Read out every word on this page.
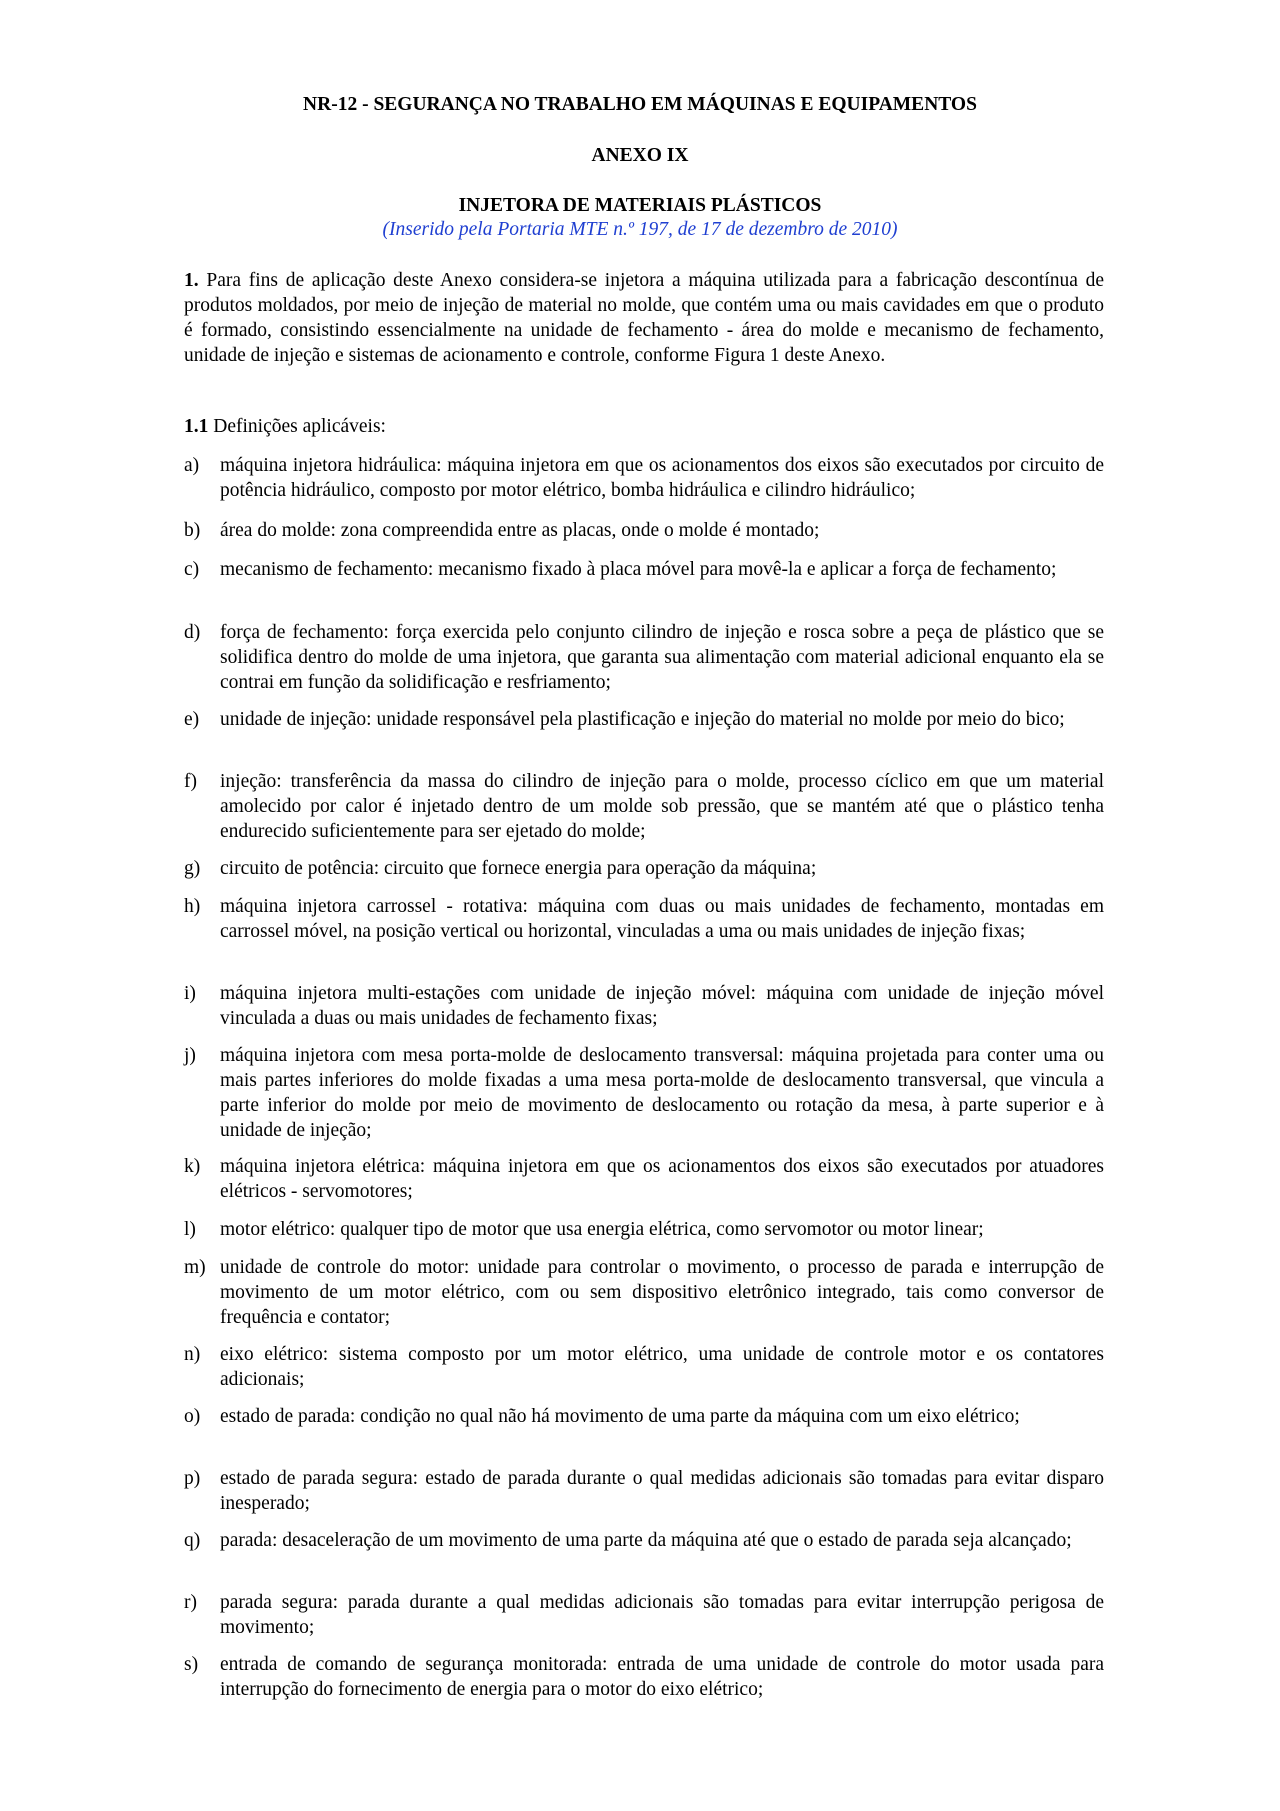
NR-12 - SEGURANÇA NO TRABALHO EM MÁQUINAS E EQUIPAMENTOS
ANEXO IX
INJETORA DE MATERIAIS PLÁSTICOS
(Inserido pela Portaria MTE n.º 197, de 17 de dezembro de 2010)
1. Para fins de aplicação deste Anexo considera-se injetora a máquina utilizada para a fabricação descontínua de produtos moldados, por meio de injeção de material no molde, que contém uma ou mais cavidades em que o produto é formado, consistindo essencialmente na unidade de fechamento - área do molde e mecanismo de fechamento, unidade de injeção e sistemas de acionamento e controle, conforme Figura 1 deste Anexo.
1.1 Definições aplicáveis:
a)	máquina injetora hidráulica: máquina injetora em que os acionamentos dos eixos são executados por circuito de potência hidráulico, composto por motor elétrico, bomba hidráulica e cilindro hidráulico;
b)	área do molde: zona compreendida entre as placas, onde o molde é montado;
c)	mecanismo de fechamento: mecanismo fixado à placa móvel para movê-la e aplicar a força de fechamento;
d)	força de fechamento: força exercida pelo conjunto cilindro de injeção e rosca sobre a peça de plástico que se solidifica dentro do molde de uma injetora, que garanta sua alimentação com material adicional enquanto ela se contrai em função da solidificação e resfriamento;
e)	unidade de injeção: unidade responsável pela plastificação e injeção do material no molde por meio do bico;
f)	injeção: transferência da massa do cilindro de injeção para o molde, processo cíclico em que um material amolecido por calor é injetado dentro de um molde sob pressão, que se mantém até que o plástico tenha endurecido suficientemente para ser ejetado do molde;
g)	circuito de potência: circuito que fornece energia para operação da máquina;
h)	máquina injetora carrossel - rotativa: máquina com duas ou mais unidades de fechamento, montadas em carrossel móvel, na posição vertical ou horizontal, vinculadas a uma ou mais unidades de injeção fixas;
i)	máquina injetora multi-estações com unidade de injeção móvel: máquina com unidade de injeção móvel vinculada a duas ou mais unidades de fechamento fixas;
j)	máquina injetora com mesa porta-molde de deslocamento transversal: máquina projetada para conter uma ou mais partes inferiores do molde fixadas a uma mesa porta-molde de deslocamento transversal, que vincula a parte inferior do molde por meio de movimento de deslocamento ou rotação da mesa, à parte superior e à unidade de injeção;
k)	máquina injetora elétrica: máquina injetora em que os acionamentos dos eixos são executados por atuadores elétricos - servomotores;
l)	motor elétrico: qualquer tipo de motor que usa energia elétrica, como servomotor ou motor linear;
m) unidade de controle do motor: unidade para controlar o movimento, o processo de parada e interrupção de movimento de um motor elétrico, com ou sem dispositivo eletrônico integrado, tais como conversor de frequência e contator;
n)	eixo elétrico: sistema composto por um motor elétrico, uma unidade de controle motor e os contatores adicionais;
o)	estado de parada: condição no qual não há movimento de uma parte da máquina com um eixo elétrico;
p)	estado de parada segura: estado de parada durante o qual medidas adicionais são tomadas para evitar disparo inesperado;
q)	parada: desaceleração de um movimento de uma parte da máquina até que o estado de parada seja alcançado;
r)	parada segura: parada durante a qual medidas adicionais são tomadas para evitar interrupção perigosa de movimento;
s)	entrada de comando de segurança monitorada: entrada de uma unidade de controle do motor usada para interrupção do fornecimento de energia para o motor do eixo elétrico;
